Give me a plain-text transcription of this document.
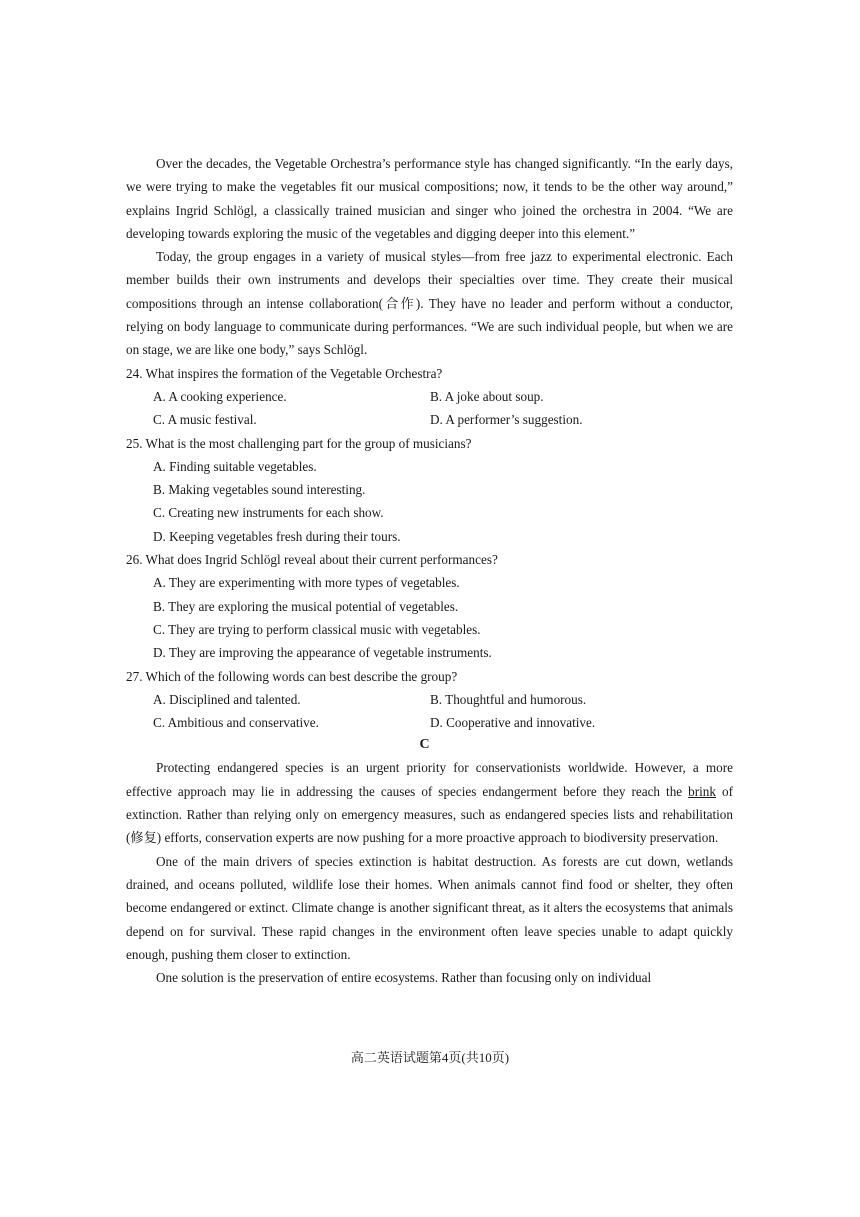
Over the decades, the Vegetable Orchestra’s performance style has changed significantly. “In the early days, we were trying to make the vegetables fit our musical compositions; now, it tends to be the other way around,” explains Ingrid Schlögl, a classically trained musician and singer who joined the orchestra in 2004. “We are developing towards exploring the music of the vegetables and digging deeper into this element.”

Today, the group engages in a variety of musical styles—from free jazz to experimental electronic. Each member builds their own instruments and develops their specialties over time. They create their musical compositions through an intense collaboration(合作). They have no leader and perform without a conductor, relying on body language to communicate during performances. “We are such individual people, but when we are on stage, we are like one body,” says Schlögl.

24. What inspires the formation of the Vegetable Orchestra?
A. A cooking experience.	B. A joke about soup.
C. A music festival.	D. A performer’s suggestion.
25. What is the most challenging part for the group of musicians?
A. Finding suitable vegetables.
B. Making vegetables sound interesting.
C. Creating new instruments for each show.
D. Keeping vegetables fresh during their tours.
26. What does Ingrid Schlögl reveal about their current performances?
A. They are experimenting with more types of vegetables.
B. They are exploring the musical potential of vegetables.
C. They are trying to perform classical music with vegetables.
D. They are improving the appearance of vegetable instruments.
27. Which of the following words can best describe the group?
A. Disciplined and talented.	B. Thoughtful and humorous.
C. Ambitious and conservative.	D. Cooperative and innovative.
C

Protecting endangered species is an urgent priority for conservationists worldwide. However, a more effective approach may lie in addressing the causes of species endangerment before they reach the brink of extinction. Rather than relying only on emergency measures, such as endangered species lists and rehabilitation (修复) efforts, conservation experts are now pushing for a more proactive approach to biodiversity preservation.

One of the main drivers of species extinction is habitat destruction. As forests are cut down, wetlands drained, and oceans polluted, wildlife lose their homes. When animals cannot find food or shelter, they often become endangered or extinct. Climate change is another significant threat, as it alters the ecosystems that animals depend on for survival. These rapid changes in the environment often leave species unable to adapt quickly enough, pushing them closer to extinction.

One solution is the preservation of entire ecosystems. Rather than focusing only on individual

高二英语试题第4页(共10页)
